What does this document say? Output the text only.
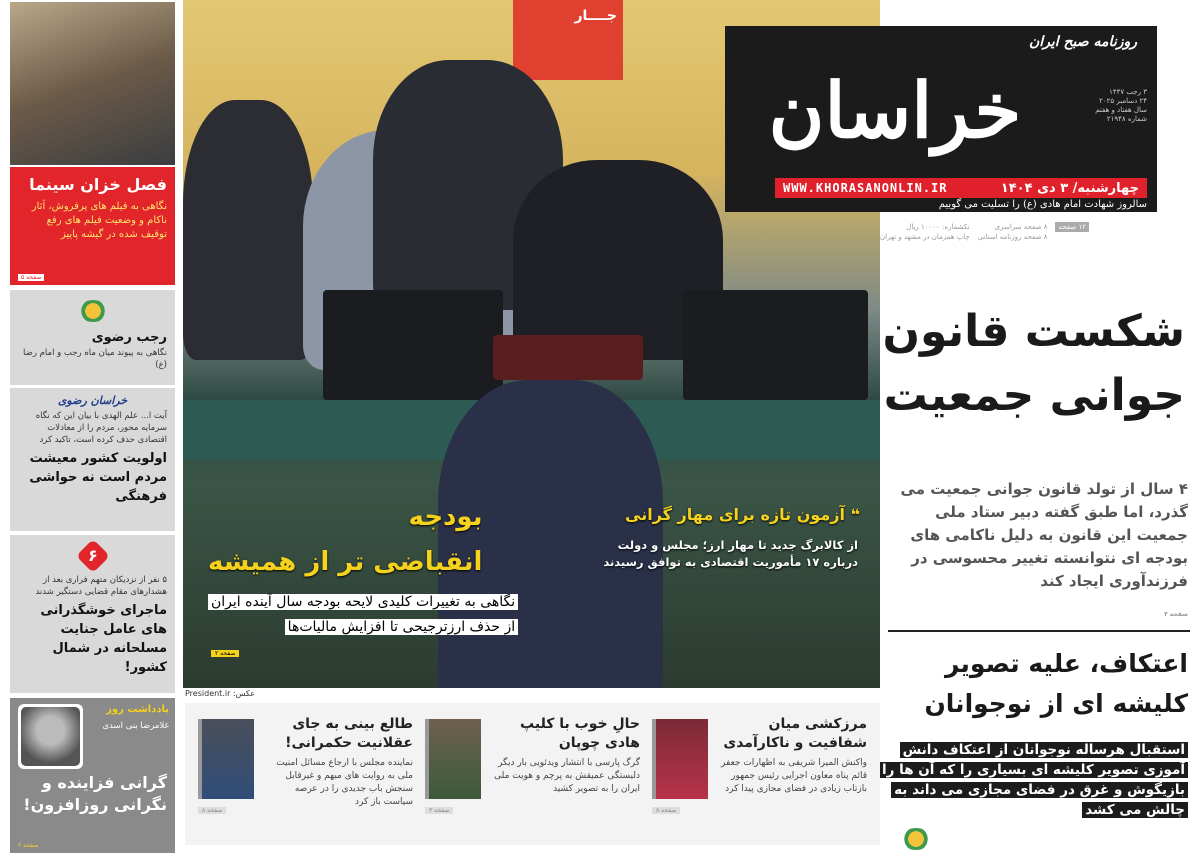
جــــار
بودجه
انقباضی تر از همیشه
نگاهی به تغییرات کلیدی لایحه بودجه سال آینده ایران
از حذف ارزترجیحی تا افزایش مالیات‌ها
صفحه ۲
❝ آزمون تازه برای مهار گرانی
از کالابرگ جدید تا مهار ارز؛ مجلس و دولت درباره ۱۷ مأموریت اقتصادی به توافق رسیدند
عکس: President.ir
خراسان
روزنامه صبح ایران
۳ رجب ۱۴۴۷
۲۴ دسامبر ۲۰۲۵
سال هفتاد و هفتم
شماره ۲۱۹۴۸
چهارشنبه/ ۳ دی ۱۴۰۴
WWW.KHORASANONLIN.IR
سالروز شهادت امام هادی (ع) را تسلیت می گوییم
۱۲ صفحه
۸ صفحه سراسری
۸ صفحه روزنامه استانی
تکشماره: ۱۰۰۰۰ ریال
چاپ همزمان در مشهد و تهران
شکست قانون
جوانی جمعیت
۴ سال از تولد قانون جوانی جمعیت می گذرد، اما طبق گفته دبیر ستاد ملی جمعیت این قانون به دلیل ناکامی های بودجه ای نتوانسته تغییر محسوسی در فرزندآوری ایجاد کند
صفحه ۴
اعتکاف، علیه تصویر کلیشه ای از نوجوانان
استقبال هرساله نوجوانان از اعتکاف دانش آموزی تصویر کلیشه ای بسیاری را که آن ها را بازیگوش و غرق در فضای مجازی می داند به چالش می کشد
فصل خزان سینما
نگاهی به فیلم های پرفروش، آثار ناکام و وضعیت فیلم های رفع توقیف شده در گیشه پاییز
صفحه ۵
رجب رضوی
نگاهی به پیوند میان ماه رجب و امام رضا (ع)
خراسان رضوی
آیت ا... علم الهدی با بیان این که نگاه سرمایه محور، مردم را از معادلات اقتصادی حذف کرده است، تاکید کرد
اولویت کشور معیشت مردم است نه حواشی فرهنگی
۶
۵ نفر از نزدیکان متهم فراری بعد از هشدارهای مقام قضایی دستگیر شدند
ماجرای خوشگذرانی های عامل جنایت مسلحانه در شمال کشور!
یادداشت روز
غلامرضا بنی اسدی
گرانی فزاینده و نگرانی روزافزون!
صفحه ۲
مرزکشی میان شفافیت و ناکارآمدی
واکنش المیرا شریفی به اظهارات جعفر قائم پناه معاون اجرایی رئیس جمهور بازتاب زیادی در فضای مجازی پیدا کرد
صفحه ۸
حالِ خوب با کلیپ هادی چوپان
گرگ پارسی با انتشار ویدئویی بار دیگر دلبستگی عمیقش به پرچم و هویت ملی ایران را به تصویر کشید
صفحه ۳
طالع بینی به جای عقلانیت حکمرانی!
نماینده مجلس با ارجاع مسائل امنیت ملی به روایت های مبهم و غیرقابل سنجش باب جدیدی را در عرصه سیاست باز کرد
صفحه ۸
